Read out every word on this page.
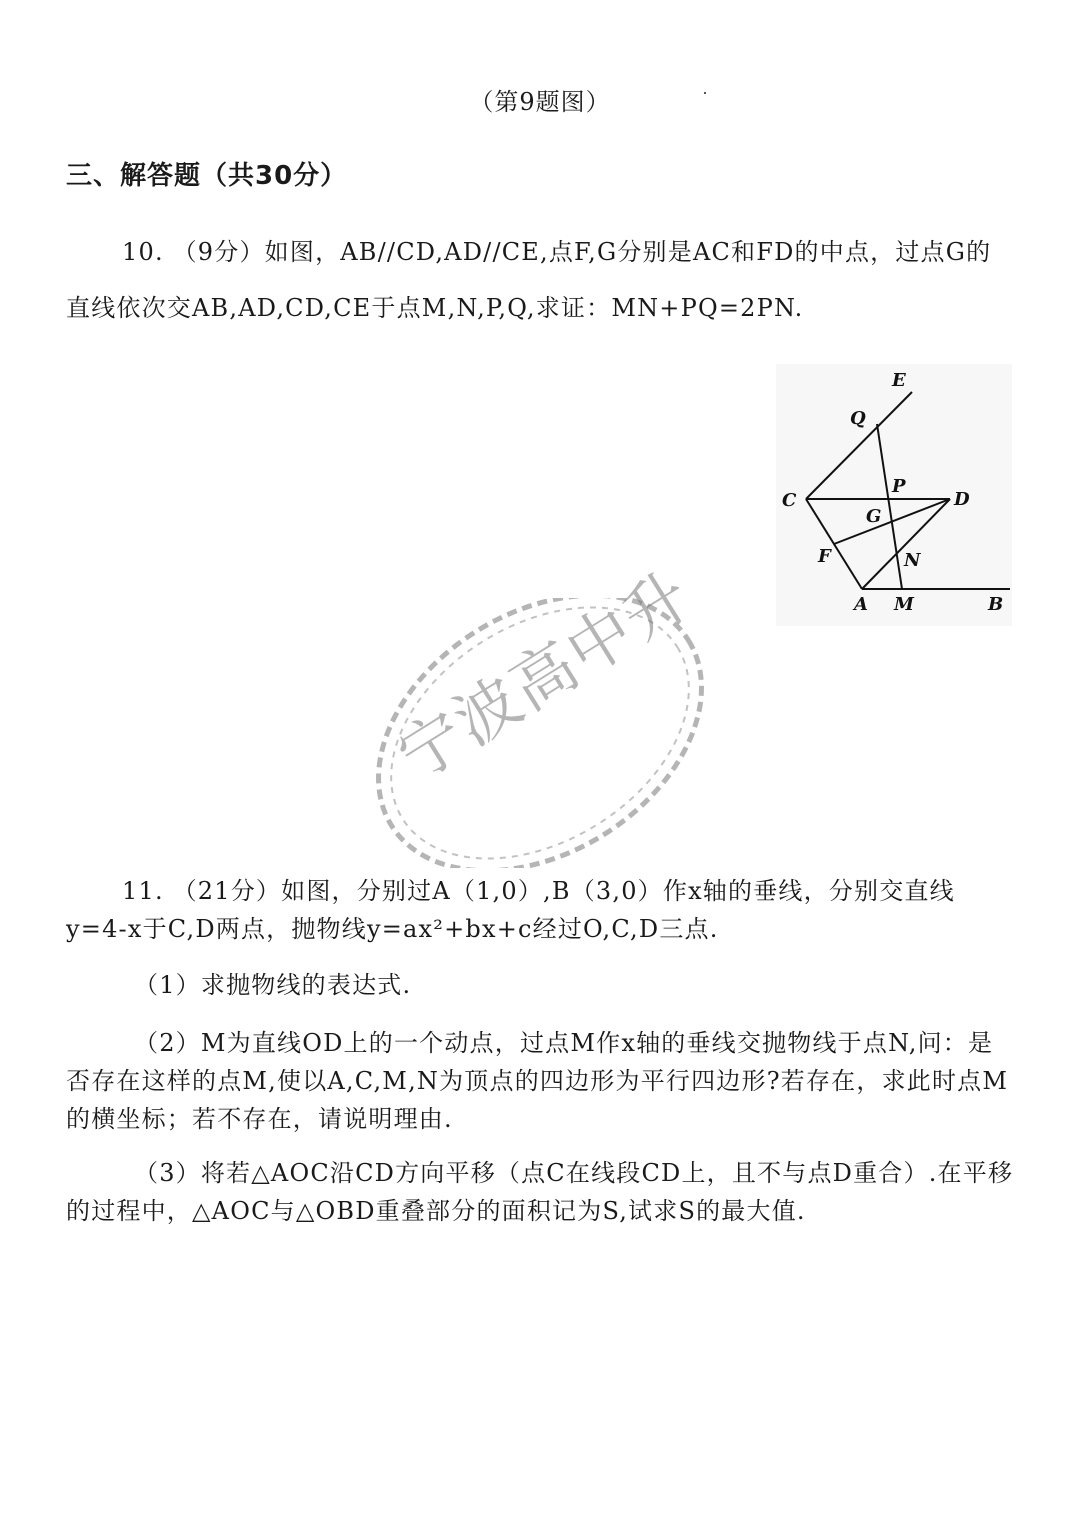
（第9题图）
三、解答题（共30分）
10. （9分）如图，AB//CD,AD//CE,点F,G分别是AC和FD的中点，过点G的直线依次交AB,AD,CD,CE于点M,N,P,Q,求证：MN+PQ=2PN.
E
Q
P
C	D
G
F	N
A M	B
宁波高中升
11. （21分）如图，分别过A（1,0）,B（3,0）作x轴的垂线，分别交直线y=4-x于C,D两点，抛物线y=ax²+bx+c经过O,C,D三点.
（1）求抛物线的表达式.
（2）M为直线OD上的一个动点，过点M作x轴的垂线交抛物线于点N,问：是否存在这样的点M,使以A,C,M,N为顶点的四边形为平行四边形?若存在，求此时点M的横坐标；若不存在，请说明理由.
（3）将若△AOC沿CD方向平移（点C在线段CD上，且不与点D重合）.在平移的过程中，△AOC与△OBD重叠部分的面积记为S,试求S的最大值.
